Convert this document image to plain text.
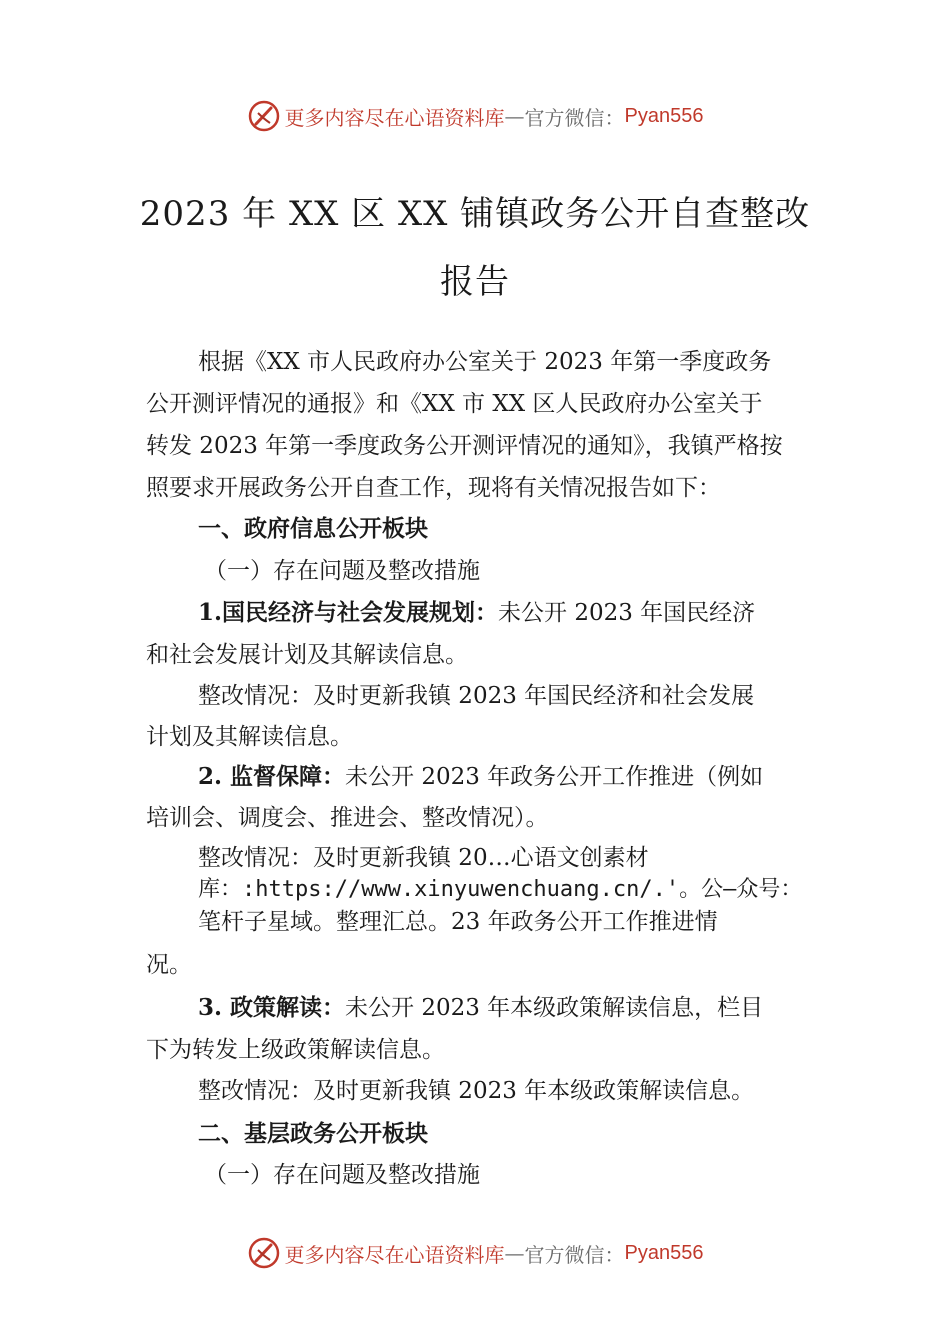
更多内容尽在心语资料库 — 官方微信： Pyan556
2023 年 XX 区 XX 铺镇政务公开自查整改
报告

根据《XX 市人民政府办公室关于 2023 年第一季度政务

公开测评情况的通报》和《XX 市 XX 区人民政府办公室关于

转发 2023 年第一季度政务公开测评情况的通知》，我镇严格按

照要求开展政务公开自查工作，现将有关情况报告如下：

一、政府信息公开板块

（一）存在问题及整改措施

1.国民经济与社会发展规划：未公开 2023 年国民经济

和社会发展计划及其解读信息。

整改情况：及时更新我镇 2023 年国民经济和社会发展

计划及其解读信息。

2. 监督保障：未公开 2023 年政务公开工作推进（例如

培训会、调度会、推进会、整改情况）。

整改情况：及时更新我镇 20…心语文创素材

库：:https://www.xinyuwenchuang.cn/.'。公—众号：

笔杆子星域。整理汇总。23 年政务公开工作推进情

况。

3. 政策解读：未公开 2023 年本级政策解读信息，栏目

下为转发上级政策解读信息。

整改情况：及时更新我镇 2023 年本级政策解读信息。

二、基层政务公开板块

（一）存在问题及整改措施

更多内容尽在心语资料库 — 官方微信： Pyan556
